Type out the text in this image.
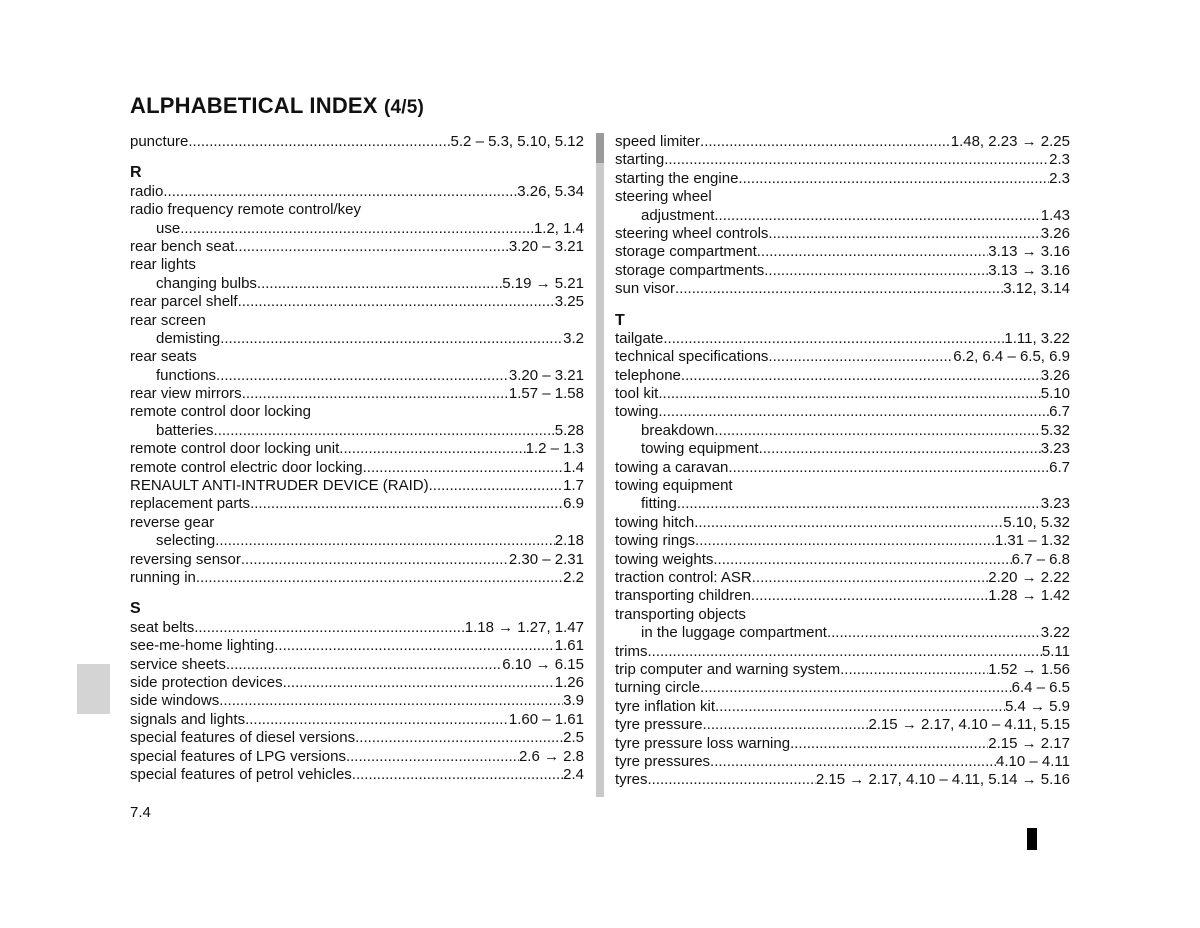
ALPHABETICAL INDEX (4/5)
puncture .....	5.2 – 5.3, 5.10, 5.12
R
radio .....	3.26, 5.34
radio frequency remote control/key
use .....	1.2, 1.4
rear bench seat .....	3.20 – 3.21
rear lights
changing bulbs .....	5.19 → 5.21
rear parcel shelf .....	3.25
rear screen
demisting .....	3.2
rear seats
functions .....	3.20 – 3.21
rear view mirrors .....	1.57 – 1.58
remote control door locking
batteries .....	5.28
remote control door locking unit .....	1.2 – 1.3
remote control electric door locking .....	1.4
RENAULT ANTI-INTRUDER DEVICE (RAID) .....	1.7
replacement parts .....	6.9
reverse gear
selecting .....	2.18
reversing sensor .....	2.30 – 2.31
running in .....	2.2
S
seat belts .....	1.18 → 1.27, 1.47
see-me-home lighting .....	1.61
service sheets .....	6.10 → 6.15
side protection devices .....	1.26
side windows .....	3.9
signals and lights .....	1.60 – 1.61
special features of diesel versions .....	2.5
special features of LPG versions .....	2.6 → 2.8
special features of petrol vehicles .....	2.4
speed limiter .....	1.48, 2.23 → 2.25
starting .....	2.3
starting the engine .....	2.3
steering wheel
adjustment .....	1.43
steering wheel controls .....	3.26
storage compartment .....	3.13 → 3.16
storage compartments .....	3.13 → 3.16
sun visor .....	3.12, 3.14
T
tailgate .....	1.11, 3.22
technical specifications .....	6.2, 6.4 – 6.5, 6.9
telephone .....	3.26
tool kit .....	5.10
towing .....	6.7
breakdown .....	5.32
towing equipment .....	3.23
towing a caravan .....	6.7
towing equipment
fitting .....	3.23
towing hitch .....	5.10, 5.32
towing rings .....	1.31 – 1.32
towing weights .....	6.7 – 6.8
traction control: ASR .....	2.20 → 2.22
transporting children .....	1.28 → 1.42
transporting objects
in the luggage compartment .....	3.22
trims .....	5.11
trip computer and warning system .....	1.52 → 1.56
turning circle .....	6.4 – 6.5
tyre inflation kit .....	5.4 → 5.9
tyre pressure .....	2.15 → 2.17, 4.10 – 4.11, 5.15
tyre pressure loss warning .....	2.15 → 2.17
tyre pressures .....	4.10 – 4.11
tyres .....	2.15 → 2.17, 4.10 – 4.11, 5.14 → 5.16
7.4
